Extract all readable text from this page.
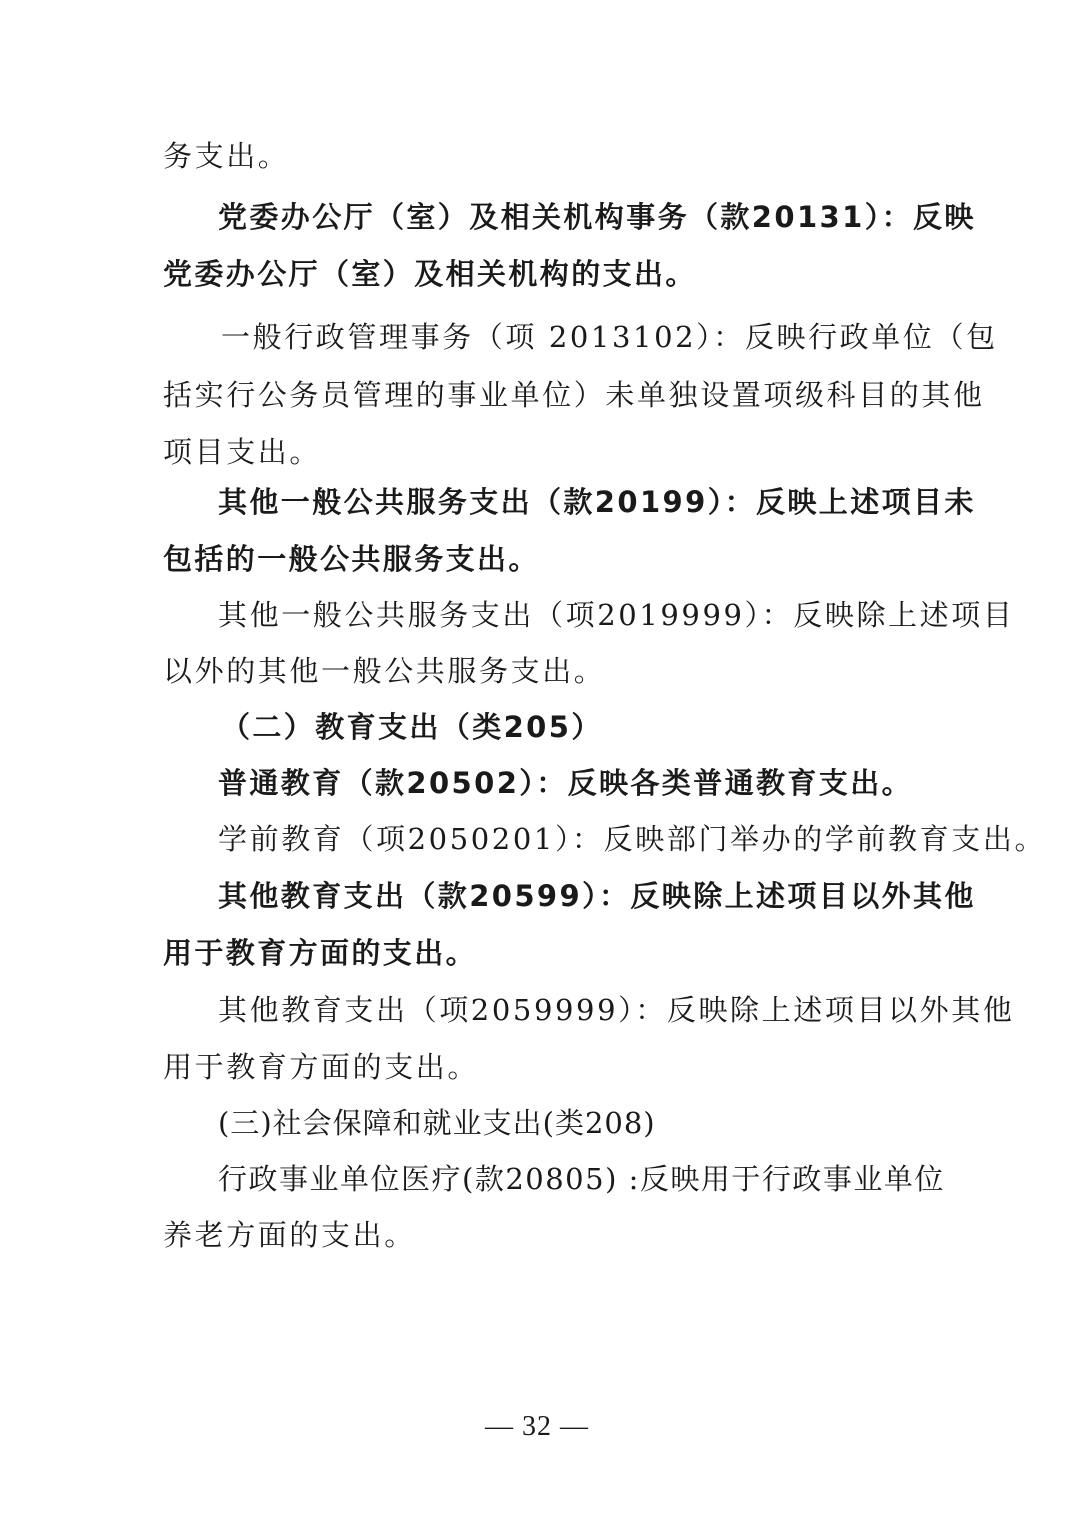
务支出。
党委办公厅（室）及相关机构事务（款20131）：反映
党委办公厅（室）及相关机构的支出。
一般行政管理事务（项 2013102）：反映行政单位（包
括实行公务员管理的事业单位）未单独设置项级科目的其他
项目支出。
其他一般公共服务支出（款20199）：反映上述项目未
包括的一般公共服务支出。
其他一般公共服务支出（项2019999）：反映除上述项目
以外的其他一般公共服务支出。
（二）教育支出（类205）
普通教育（款20502）：反映各类普通教育支出。
学前教育（项2050201）：反映部门举办的学前教育支出。
其他教育支出（款20599）：反映除上述项目以外其他
用于教育方面的支出。
其他教育支出（项2059999）：反映除上述项目以外其他
用于教育方面的支出。
(三)社会保障和就业支出(类208)
行政事业单位医疗(款20805) :反映用于行政事业单位
养老方面的支出。
— 32 —
